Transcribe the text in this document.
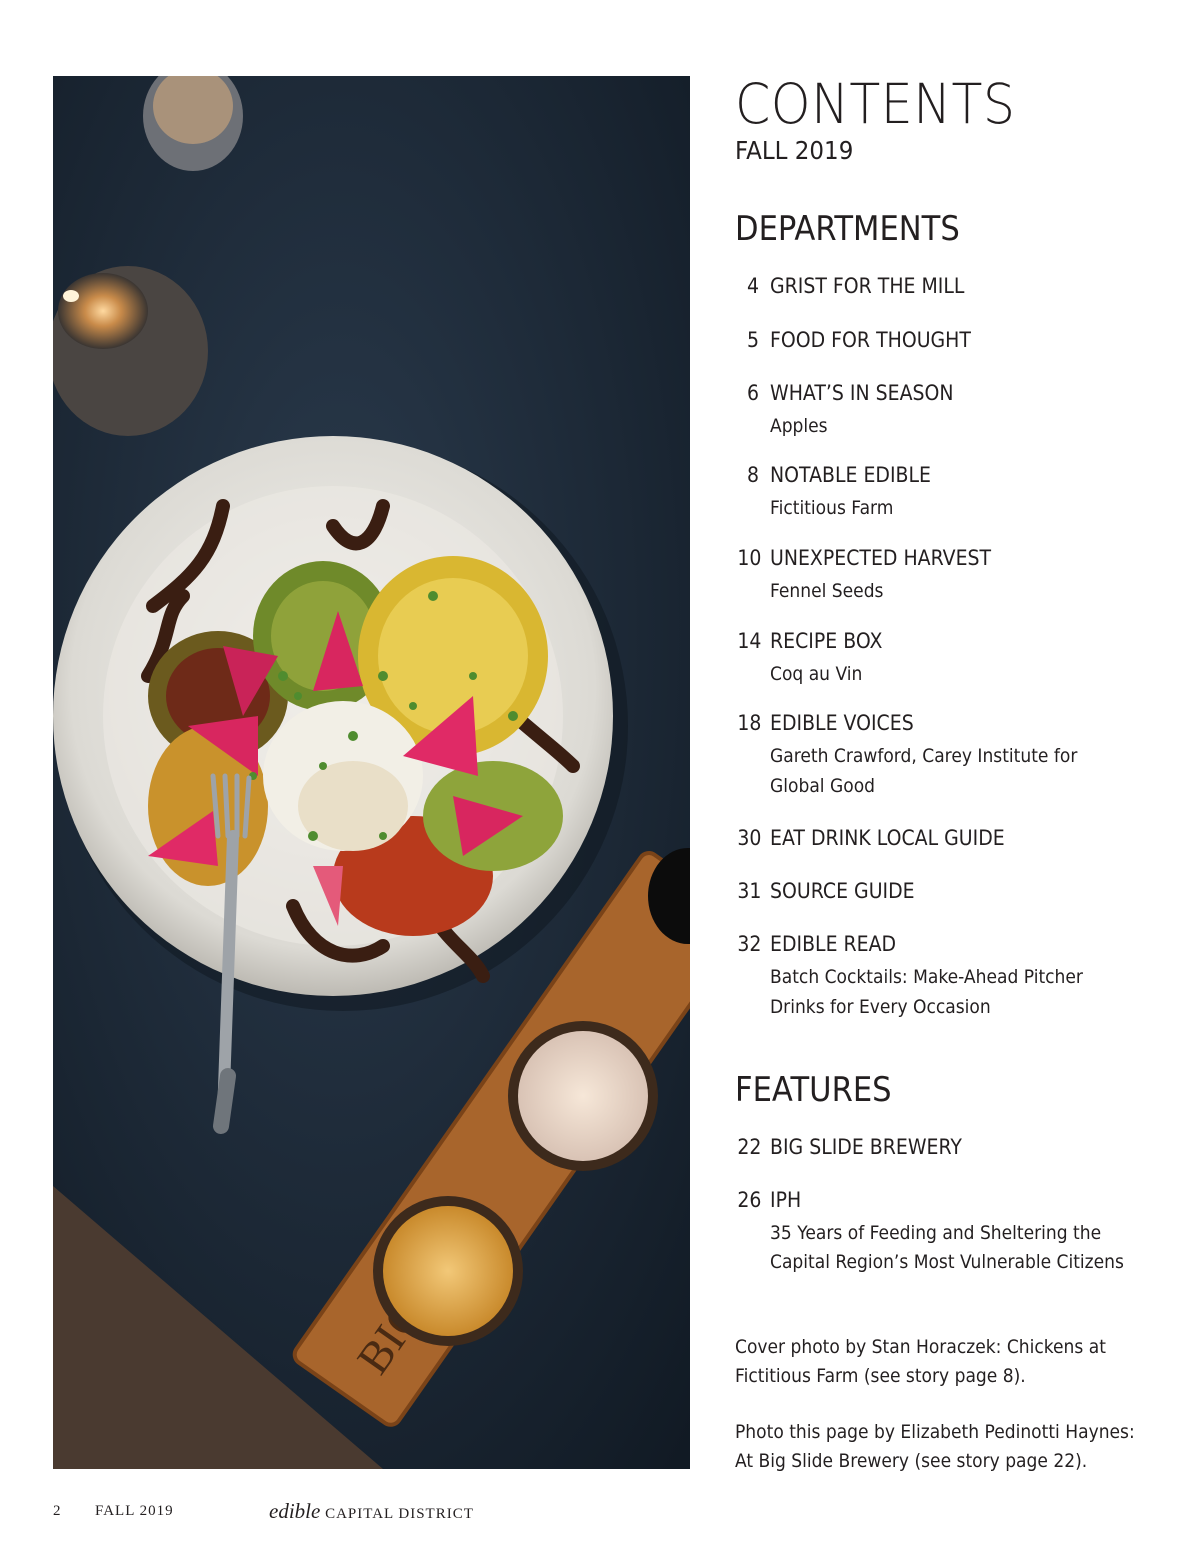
BIG
CONTENTS
FALL 2019
DEPARTMENTS
4 GRIST FOR THE MILL
5 FOOD FOR THOUGHT
6 WHAT’S IN SEASON
Apples
8 NOTABLE EDIBLE
Fictitious Farm
10 UNEXPECTED HARVEST
Fennel Seeds
14 RECIPE BOX
Coq au Vin
18 EDIBLE VOICES
Gareth Crawford, Carey Institute for
Global Good
30 EAT DRINK LOCAL GUIDE
31 SOURCE GUIDE
32 EDIBLE READ
Batch Cocktails: Make-Ahead Pitcher
Drinks for Every Occasion
FEATURES
22 BIG SLIDE BREWERY
26 IPH
35 Years of Feeding and Sheltering the
Capital Region’s Most Vulnerable Citizens
Cover photo by Stan Horaczek: Chickens at
Fictitious Farm (see story page 8).
Photo this page by Elizabeth Pedinotti Haynes:
At Big Slide Brewery (see story page 22).
2 FALL 2019	edible CAPITAL DISTRICT
